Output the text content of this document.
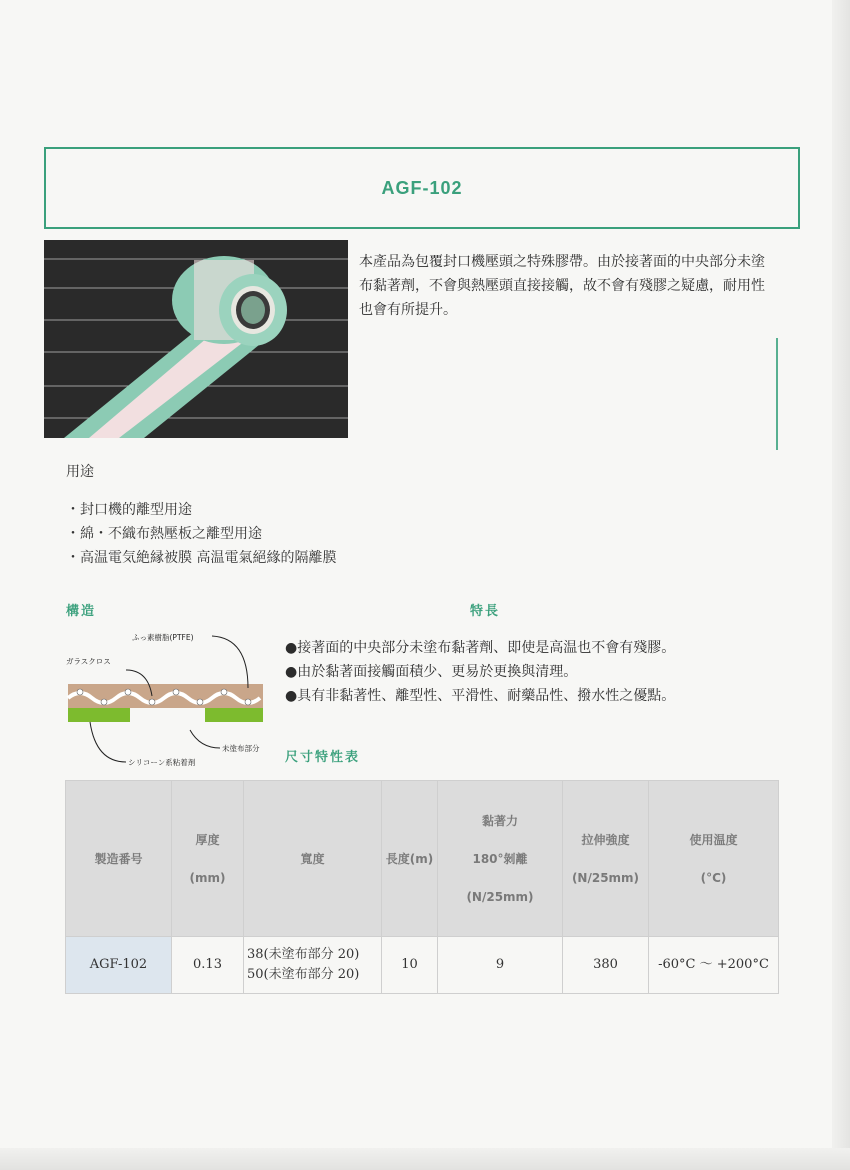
AGF-102

本產品為包覆封口機壓頭之特殊膠帶。由於接著面的中央部分未塗布黏著劑，不會與熱壓頭直接接觸，故不會有殘膠之疑慮，耐用性也會有所提升。

用途
・封口機的離型用途
・綿・不織布熱壓板之離型用途
・高温電気絶縁被膜 高温電氣絕緣的隔離膜
構造	特長
ふっ素樹脂(PTFE)
ガラスクロス
未塗布部分
シリコーン系粘着剤
● 接著面的中央部分未塗布黏著劑、即使是高温也不會有殘膠。
● 由於黏著面接觸面積少、更易於更換與清理。
● 具有非黏著性、離型性、平滑性、耐藥品性、撥水性之優點。
尺寸特性表
製造番号	厚度
(mm)	寬度	長度(m)	黏著力
180°剝離
(N/25mm)	拉伸強度
(N/25mm)	使用温度
(°C)

AGF-102	0.13	38(未塗布部分 20)
50(未塗布部分 20)	10	9	380	-60°C ～ +200°C
